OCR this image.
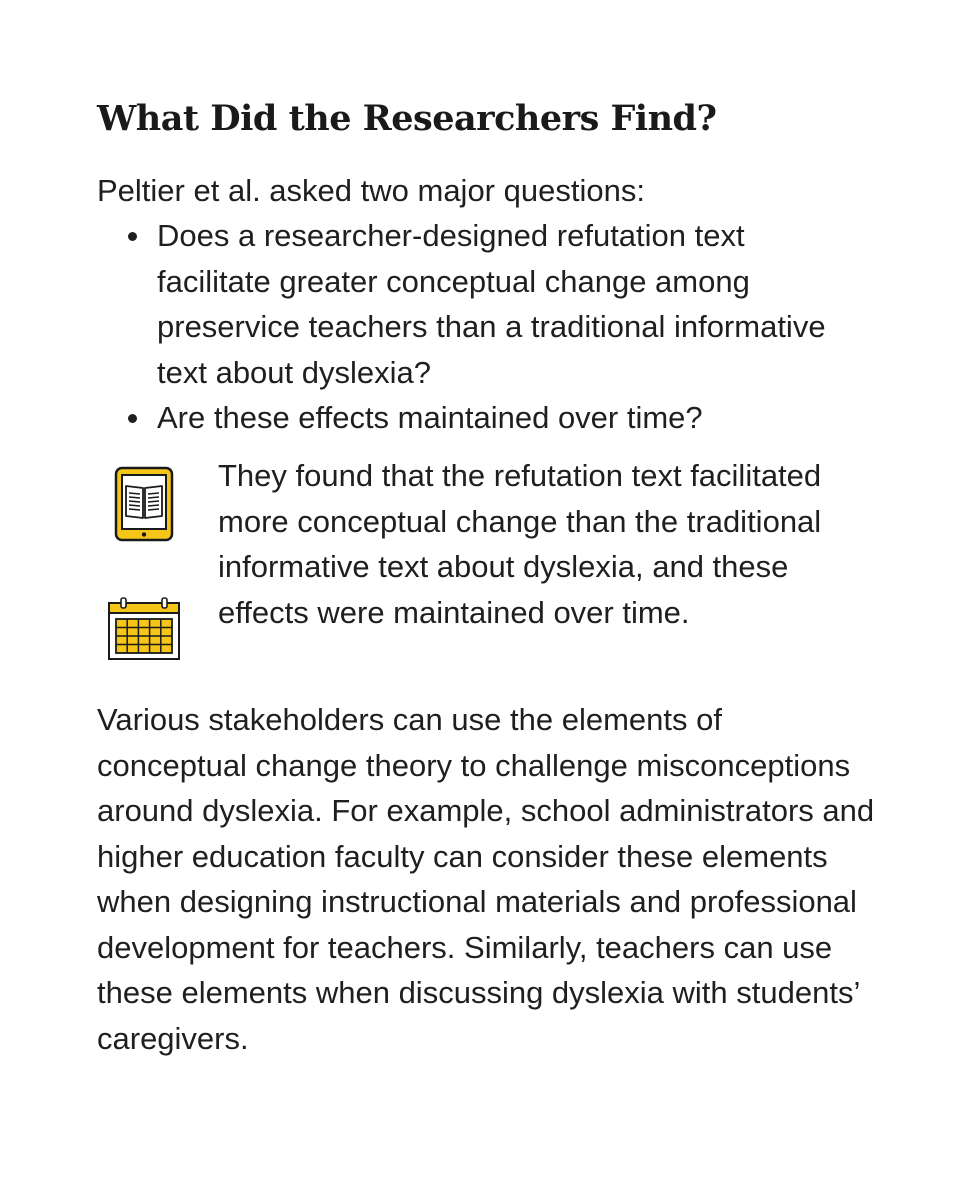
What Did the Researchers Find?

Peltier et al. asked two major questions:

Does a researcher-designed refutation text facilitate greater conceptual change among preservice teachers than a traditional informative text about dyslexia?
Are these effects maintained over time?

They found that the refutation text facilitated more conceptual change than the traditional informative text about dyslexia, and these effects were maintained over time.

Various stakeholders can use the elements of conceptual change theory to challenge misconceptions around dyslexia. For example, school administrators and higher education faculty can consider these elements when designing instructional materials and professional development for teachers. Similarly, teachers can use these elements when discussing dyslexia with students’ caregivers.
